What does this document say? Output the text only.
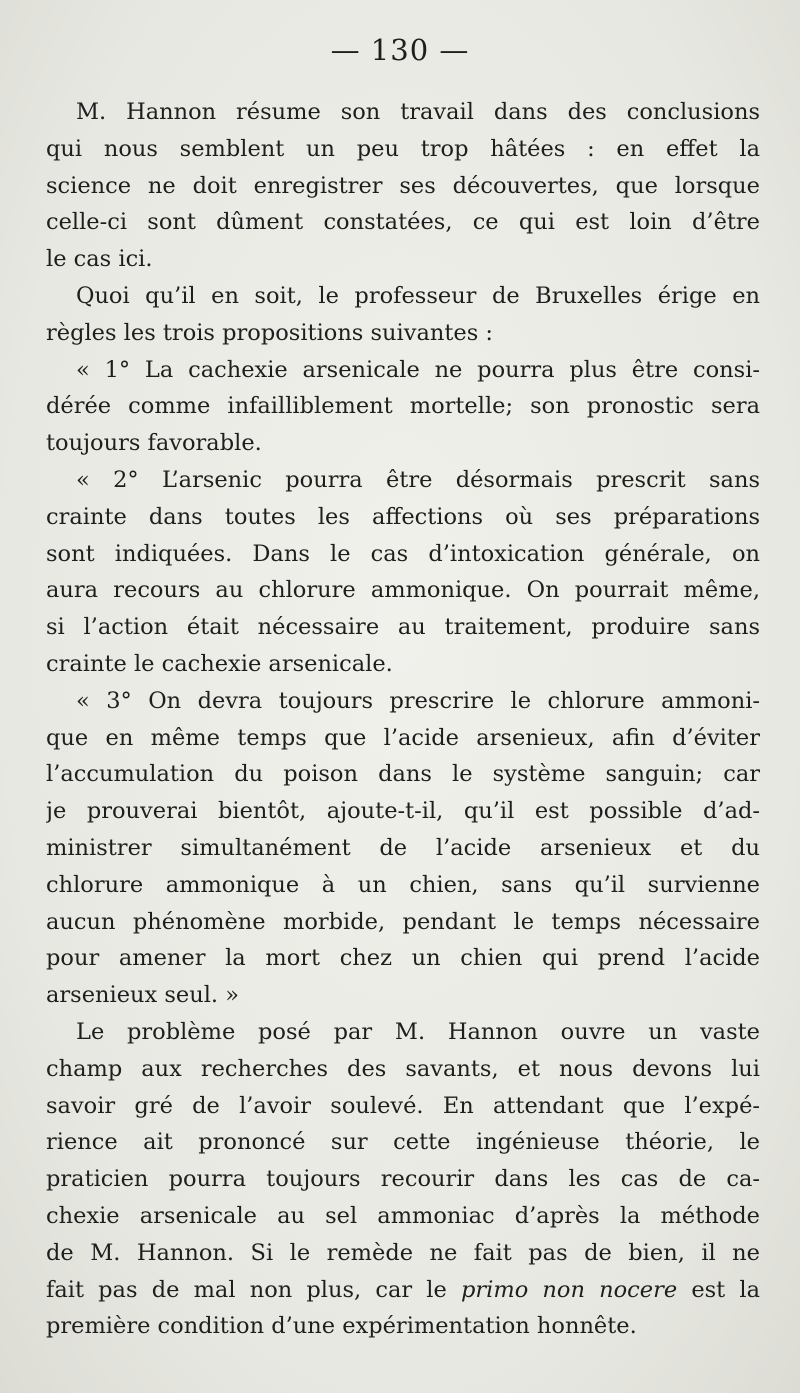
— 130 —
M. Hannon résume son travail dans des conclusions
qui nous semblent un peu trop hâtées : en effet la
science ne doit enregistrer ses découvertes, que lorsque
celle-ci sont dûment constatées, ce qui est loin d’être
le cas ici.
Quoi qu’il en soit, le professeur de Bruxelles érige en
règles les trois propositions suivantes :
« 1° La cachexie arsenicale ne pourra plus être consi-
dérée comme infailliblement mortelle; son pronostic sera
toujours favorable.
« 2° L’arsenic pourra être désormais prescrit sans
crainte dans toutes les affections où ses préparations
sont indiquées. Dans le cas d’intoxication générale, on
aura recours au chlorure ammonique. On pourrait même,
si l’action était nécessaire au traitement, produire sans
crainte le cachexie arsenicale.
« 3° On devra toujours prescrire le chlorure ammoni-
que en même temps que l’acide arsenieux, afin d’éviter
l’accumulation du poison dans le système sanguin; car
je prouverai bientôt, ajoute-t-il, qu’il est possible d’ad-
ministrer simultanément de l’acide arsenieux et du
chlorure ammonique à un chien, sans qu’il survienne
aucun phénomène morbide, pendant le temps nécessaire
pour amener la mort chez un chien qui prend l’acide
arsenieux seul. »
Le problème posé par M. Hannon ouvre un vaste
champ aux recherches des savants, et nous devons lui
savoir gré de l’avoir soulevé. En attendant que l’expé-
rience ait prononcé sur cette ingénieuse théorie, le
praticien pourra toujours recourir dans les cas de ca-
chexie arsenicale au sel ammoniac d’après la méthode
de M. Hannon. Si le remède ne fait pas de bien, il ne
fait pas de mal non plus, car le primo non nocere est la
première condition d’une expérimentation honnête.
